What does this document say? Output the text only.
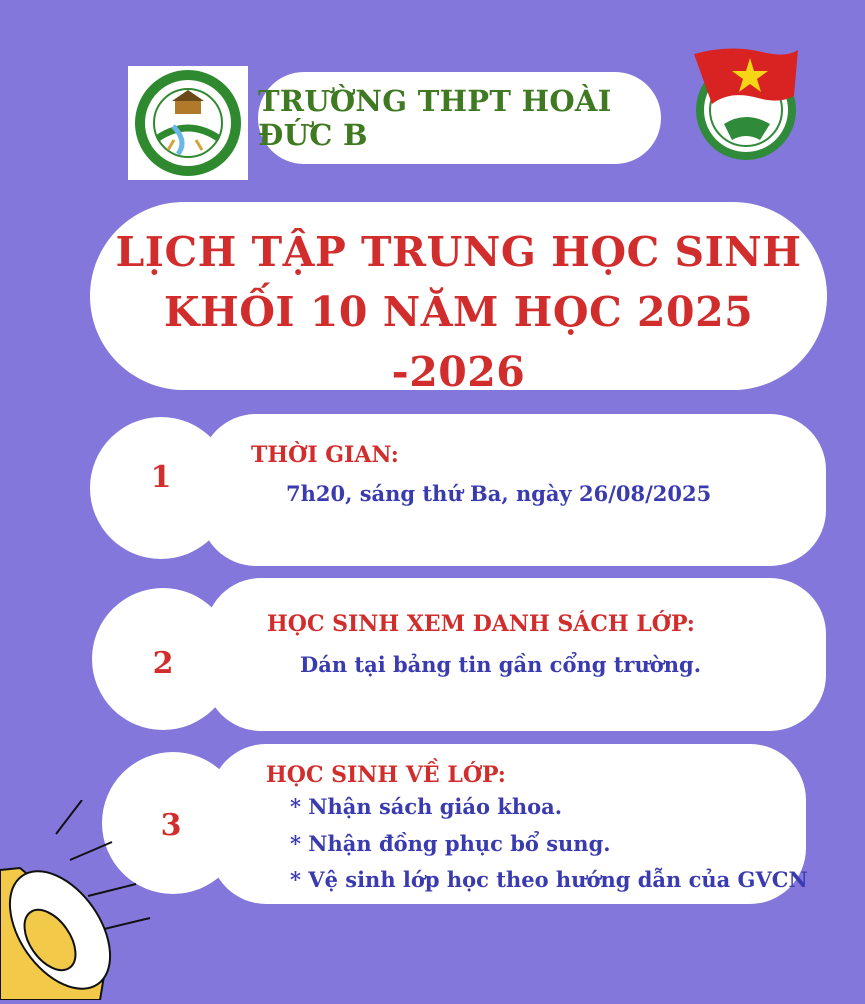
TRƯỜNG THPT HOÀI ĐỨC B
LỊCH TẬP TRUNG HỌC SINH
KHỐI 10 NĂM HỌC 2025 -2026
1
THỜI GIAN:
7h20, sáng thứ Ba, ngày 26/08/2025
2
HỌC SINH XEM DANH SÁCH LỚP:
Dán tại bảng tin gần cổng trường.
3
HỌC SINH VỀ LỚP:
* Nhận sách giáo khoa.
* Nhận đồng phục bổ sung.
* Vệ sinh lớp học theo hướng dẫn của GVCN
